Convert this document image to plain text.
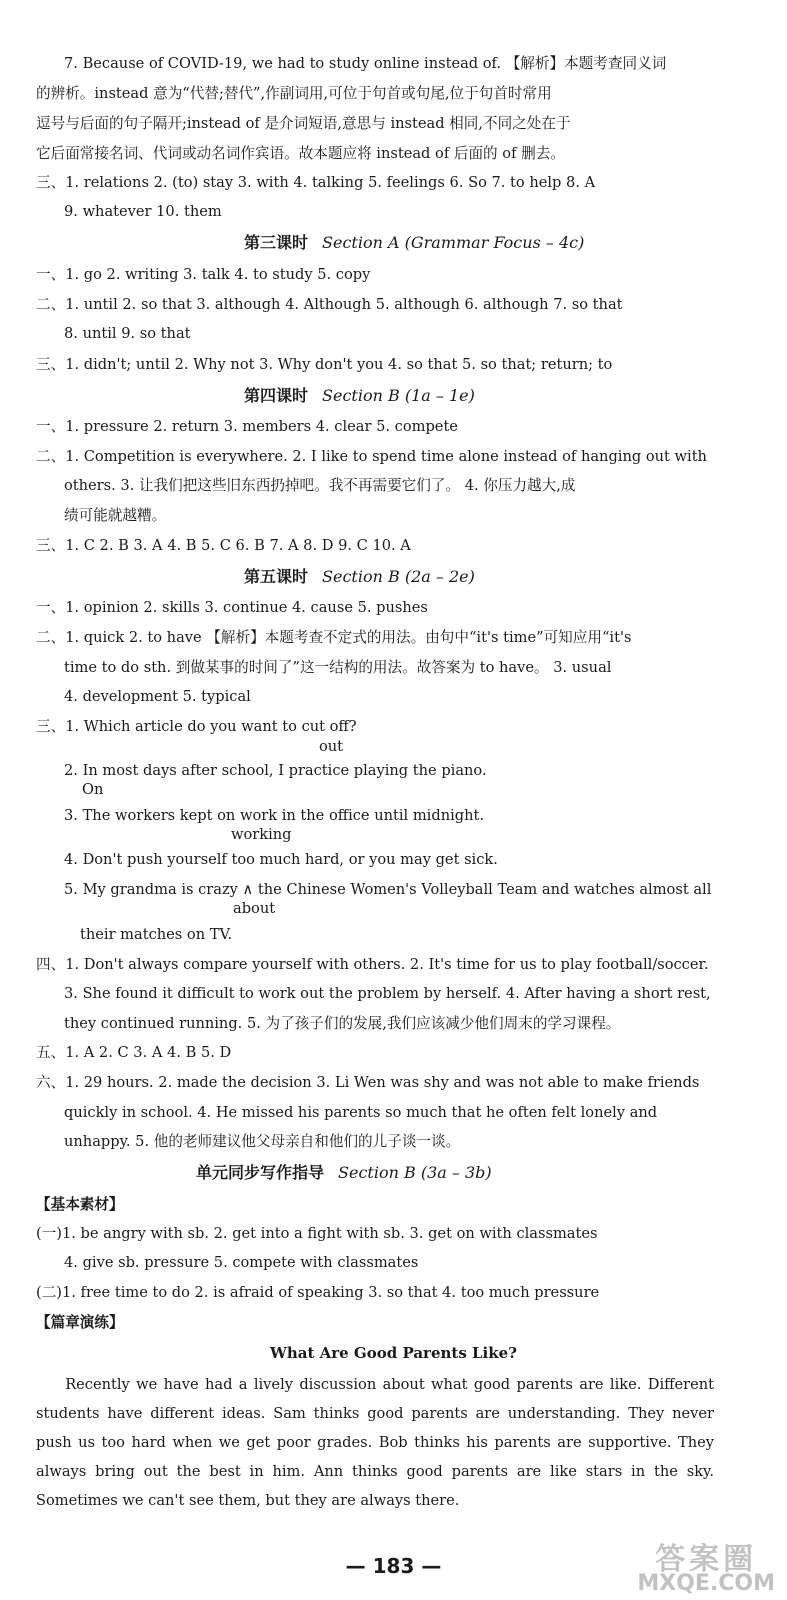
7. Because of COVID-19, we had to study online instead of. 【解析】本题考查同义词
的辨析。instead 意为“代替;替代”,作副词用,可位于句首或句尾,位于句首时常用
逗号与后面的句子隔开;instead of 是介词短语,意思与 instead 相同,不同之处在于
它后面常接名词、代词或动名词作宾语。故本题应将 instead of 后面的 of 删去。
三、1. relations 2. (to) stay 3. with 4. talking 5. feelings 6. So 7. to help 8. A
9. whatever 10. them
第三课时 Section A (Grammar Focus – 4c)
一、1. go 2. writing 3. talk 4. to study 5. copy
二、1. until 2. so that 3. although 4. Although 5. although 6. although 7. so that
8. until 9. so that
三、1. didn't; until 2. Why not 3. Why don't you 4. so that 5. so that; return; to
第四课时 Section B (1a – 1e)
一、1. pressure 2. return 3. members 4. clear 5. compete
二、1. Competition is everywhere. 2. I like to spend time alone instead of hanging out with
others. 3. 让我们把这些旧东西扔掉吧。我不再需要它们了。 4. 你压力越大,成
绩可能就越糟。
三、1. C 2. B 3. A 4. B 5. C 6. B 7. A 8. D 9. C 10. A
第五课时 Section B (2a – 2e)
一、1. opinion 2. skills 3. continue 4. cause 5. pushes
二、1. quick 2. to have 【解析】本题考查不定式的用法。由句中“it's time”可知应用“it's
time to do sth. 到做某事的时间了”这一结构的用法。故答案为 to have。 3. usual
4. development 5. typical
三、1. Which article do you want to cut off?
out
2. In most days after school, I practice playing the piano.
On
3. The workers kept on work in the office until midnight.
working
4. Don't push yourself too much hard, or you may get sick.
5. My grandma is crazy ∧ the Chinese Women's Volleyball Team and watches almost all
about
their matches on TV.
四、1. Don't always compare yourself with others. 2. It's time for us to play football/soccer.
3. She found it difficult to work out the problem by herself. 4. After having a short rest,
they continued running. 5. 为了孩子们的发展,我们应该减少他们周末的学习课程。
五、1. A 2. C 3. A 4. B 5. D
六、1. 29 hours. 2. made the decision 3. Li Wen was shy and was not able to make friends
quickly in school. 4. He missed his parents so much that he often felt lonely and
unhappy. 5. 他的老师建议他父母亲自和他们的儿子谈一谈。
单元同步写作指导 Section B (3a – 3b)
【基本素材】
(一)1. be angry with sb. 2. get into a fight with sb. 3. get on with classmates
4. give sb. pressure 5. compete with classmates
(二)1. free time to do 2. is afraid of speaking 3. so that 4. too much pressure
【篇章演练】
What Are Good Parents Like?
Recently we have had a lively discussion about what good parents are like. Different students have different ideas. Sam thinks good parents are understanding. They never push us too hard when we get poor grades. Bob thinks his parents are supportive. They always bring out the best in him. Ann thinks good parents are like stars in the sky. Sometimes we can't see them, but they are always there.
— 183 —	答案圈
MXQE.COM
